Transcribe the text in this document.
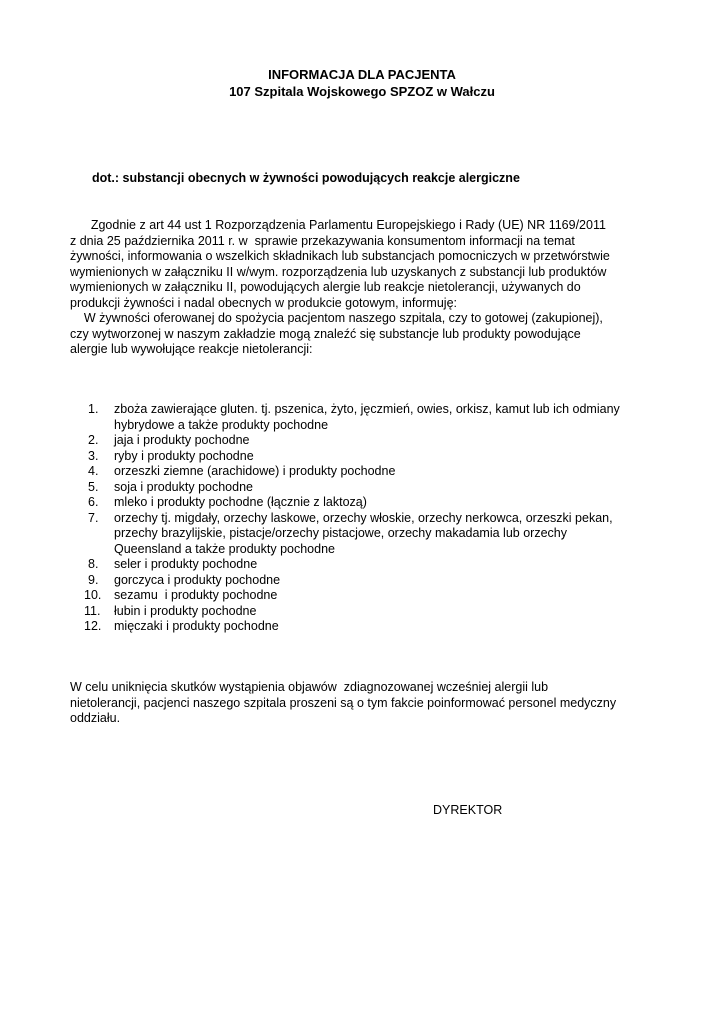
INFORMACJA DLA PACJENTA
107 Szpitala Wojskowego SPZOZ w Wałczu
dot.: substancji obecnych w żywności powodujących reakcje alergiczne
Zgodnie z art 44 ust 1 Rozporządzenia Parlamentu Europejskiego i Rady (UE) NR 1169/2011
z dnia 25 października 2011 r. w  sprawie przekazywania konsumentom informacji na temat
żywności, informowania o wszelkich składnikach lub substancjach pomocniczych w przetwórstwie
wymienionych w załączniku II w/wym. rozporządzenia lub uzyskanych z substancji lub produktów
wymienionych w załączniku II, powodujących alergie lub reakcje nietolerancji, używanych do
produkcji żywności i nadal obecnych w produkcie gotowym, informuję:
W żywności oferowanej do spożycia pacjentom naszego szpitala, czy to gotowej (zakupionej),
czy wytworzonej w naszym zakładzie mogą znaleźć się substancje lub produkty powodujące
alergie lub wywołujące reakcje nietolerancji:
1. zboża zawierające gluten. tj. pszenica, żyto, jęczmień, owies, orkisz, kamut lub ich odmiany
hybrydowe a także produkty pochodne
2. jaja i produkty pochodne
3. ryby i produkty pochodne
4. orzeszki ziemne (arachidowe) i produkty pochodne
5. soja i produkty pochodne
6. mleko i produkty pochodne (łącznie z laktozą)
7. orzechy tj. migdały, orzechy laskowe, orzechy włoskie, orzechy nerkowca, orzeszki pekan,
przechy brazylijskie, pistacje/orzechy pistacjowe, orzechy makadamia lub orzechy
Queensland a także produkty pochodne
8. seler i produkty pochodne
9. gorczyca i produkty pochodne
10. sezamu  i produkty pochodne
11. łubin i produkty pochodne
12. mięczaki i produkty pochodne
W celu uniknięcia skutków wystąpienia objawów  zdiagnozowanej wcześniej alergii lub
nietolerancji, pacjenci naszego szpitala proszeni są o tym fakcie poinformować personel medyczny
oddziału.
DYREKTOR
